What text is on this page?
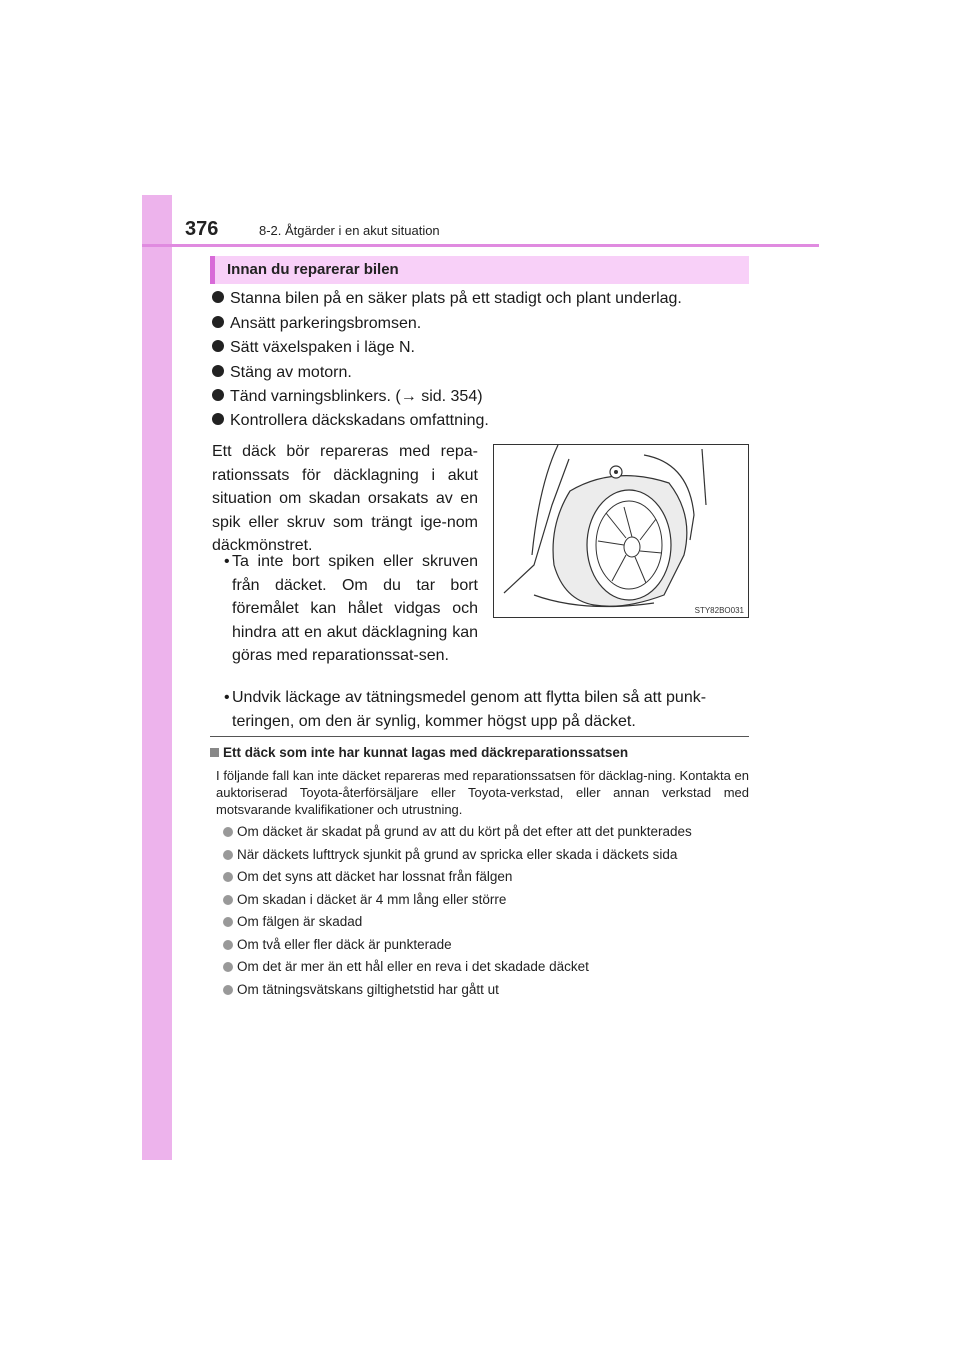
376	8-2. Åtgärder i en akut situation
Innan du reparerar bilen
Stanna bilen på en säker plats på ett stadigt och plant underlag.
Ansätt parkeringsbromsen.
Sätt växelspaken i läge N.
Stäng av motorn.
Tänd varningsblinkers. (→ sid. 354)
Kontrollera däckskadans omfattning.
Ett däck bör repareras med repa-rationssats för däcklagning i akut situation om skadan orsakats av en spik eller skruv som trängt ige-nom däckmönstret.
• Ta inte bort spiken eller skruven från däcket. Om du tar bort föremålet kan hålet vidgas och hindra att en akut däcklagning kan göras med reparationssat-sen.
• Undvik läckage av tätningsmedel genom att flytta bilen så att punk-teringen, om den är synlig, kommer högst upp på däcket.
STY82BO031
Ett däck som inte har kunnat lagas med däckreparationssatsen
I följande fall kan inte däcket repareras med reparationssatsen för däcklag-ning. Kontakta en auktoriserad Toyota-återförsäljare eller Toyota-verkstad, eller annan verkstad med motsvarande kvalifikationer och utrustning.
Om däcket är skadat på grund av att du kört på det efter att det punkterades
När däckets lufttryck sjunkit på grund av spricka eller skada i däckets sida
Om det syns att däcket har lossnat från fälgen
Om skadan i däcket är 4 mm lång eller större
Om fälgen är skadad
Om två eller fler däck är punkterade
Om det är mer än ett hål eller en reva i det skadade däcket
Om tätningsvätskans giltighetstid har gått ut
